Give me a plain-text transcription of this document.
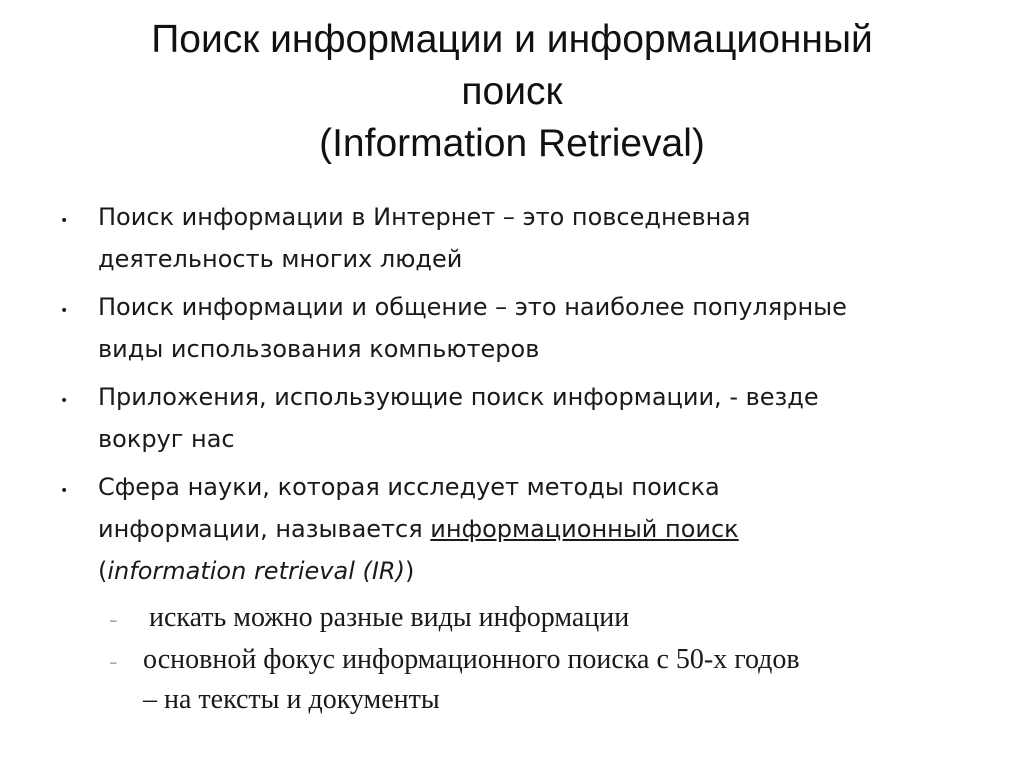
Поиск информации и информационный
поиск
(Information Retrieval)
• Поиск информации в Интернет – это повседневная
деятельность многих людей
• Поиск информации и общение – это наиболее популярные
виды использования компьютеров
• Приложения, использующие поиск информации, - везде
вокруг нас
• Сфера науки, которая исследует методы поиска
информации, называется информационный поиск
(information retrieval (IR))
– искать можно разные виды информации
– основной фокус информационного поиска с 50-х годов
– на тексты и документы
